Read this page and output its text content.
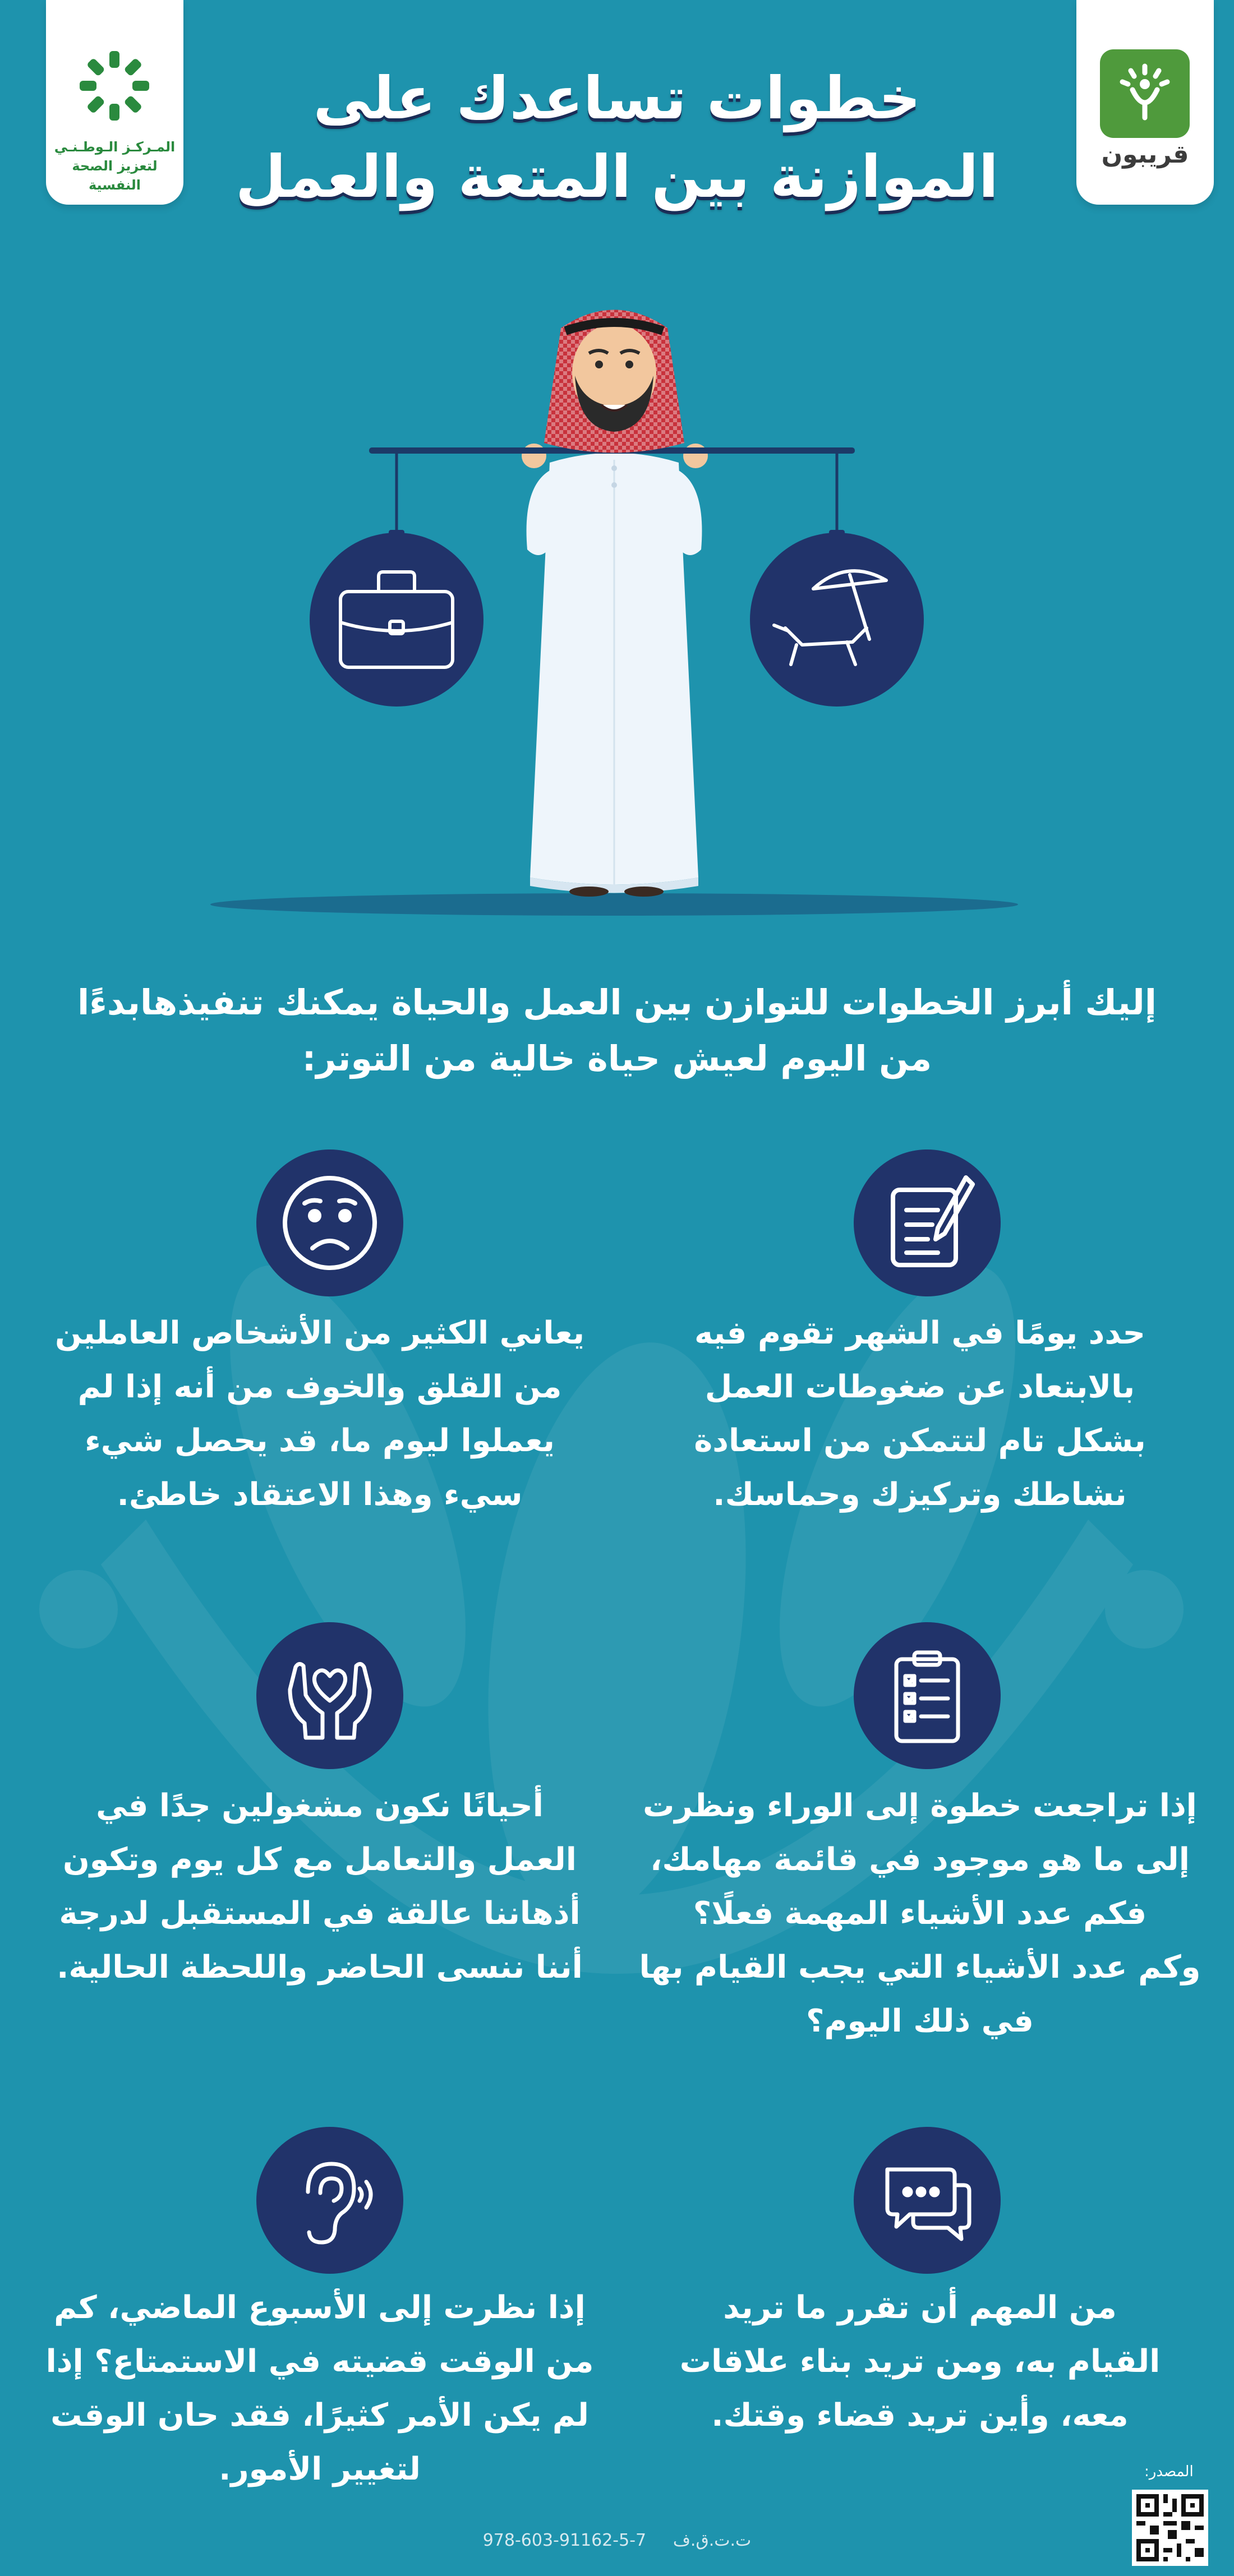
قريبون
المـركـز الـوطـنـي
لتعزيز الصحة النفسية
خطوات تساعدك على
الموازنة بين المتعة والعمل
إليك أبرز الخطوات للتوازن بين العمل والحياة يمكنك تنفيذهابدءًا
من اليوم لعيش حياة خالية من التوتر:
حدد يومًا في الشهر تقوم فيه
بالابتعاد عن ضغوطات العمل
بشكل تام لتتمكن من استعادة
نشاطك وتركيزك وحماسك.
يعاني الكثير من الأشخاص العاملين
من القلق والخوف من أنه إذا لم
يعملوا ليوم ما، قد يحصل شيء
سيء وهذا الاعتقاد خاطئ.
إذا تراجعت خطوة إلى الوراء ونظرت
إلى ما هو موجود في قائمة مهامك،
فكم عدد الأشياء المهمة فعلًا؟
وكم عدد الأشياء التي يجب القيام بها
في ذلك اليوم؟
أحيانًا نكون مشغولين جدًا في
العمل والتعامل مع كل يوم وتكون
أذهاننا عالقة في المستقبل لدرجة
أننا ننسى الحاضر واللحظة الحالية.
من المهم أن تقرر ما تريد
القيام به، ومن تريد بناء علاقات
معه، وأين تريد قضاء وقتك.
إذا نظرت إلى الأسبوع الماضي، كم
من الوقت قضيته في الاستمتاع؟ إذا
لم يكن الأمر كثيرًا، فقد حان الوقت
لتغيير الأمور.	المصدر:
ت.ت.ق.ف     978-603-91162-5-7
